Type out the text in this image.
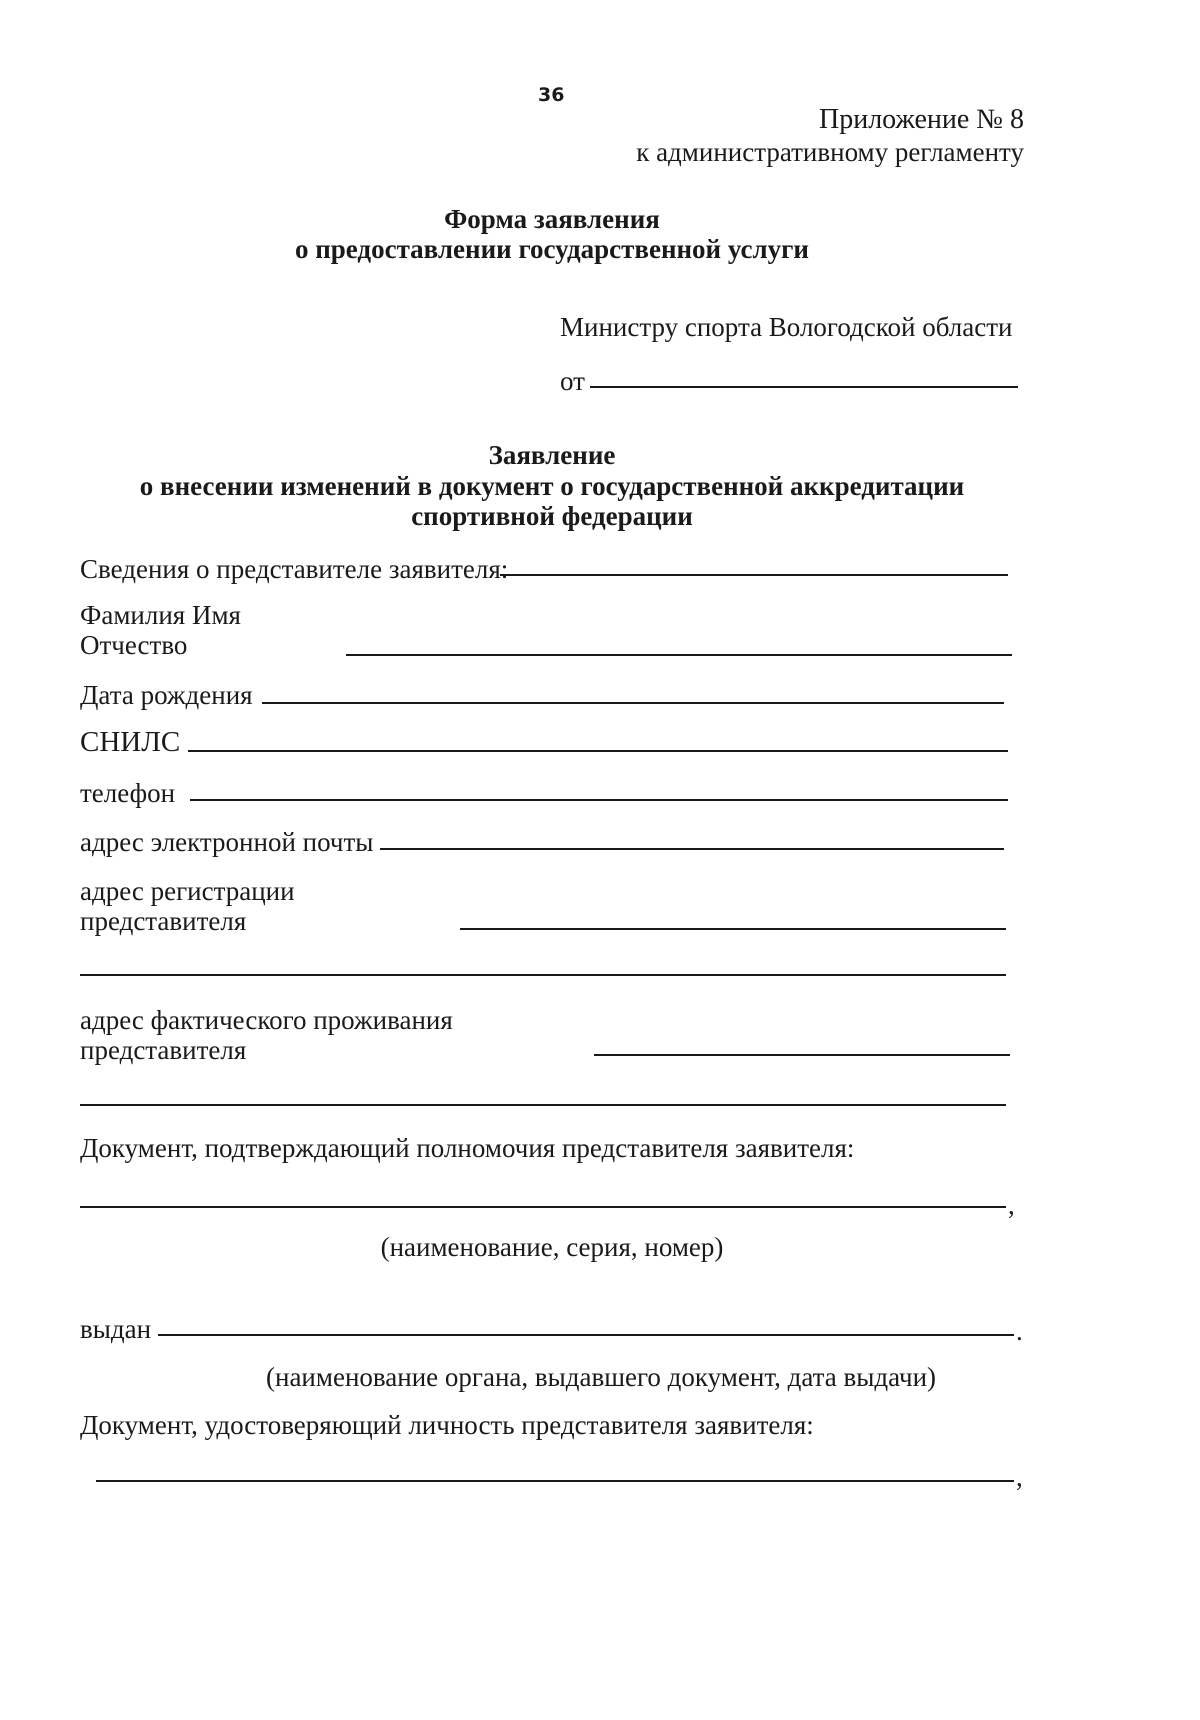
36
Приложение № 8
к административному регламенту
Форма заявления
о предоставлении государственной услуги
Министру спорта Вологодской области
от
Заявление
о внесении изменений в документ о государственной аккредитации
спортивной федерации
Сведения о представителе заявителя:
Фамилия Имя
Отчество
Дата рождения
СНИЛС
телефон
адрес электронной почты
адрес регистрации
представителя
адрес фактического проживания
представителя
Документ, подтверждающий полномочия представителя заявителя:
,
(наименование, серия, номер)
выдан	.
(наименование органа, выдавшего документ, дата выдачи)
Документ, удостоверяющий личность представителя заявителя:
,
